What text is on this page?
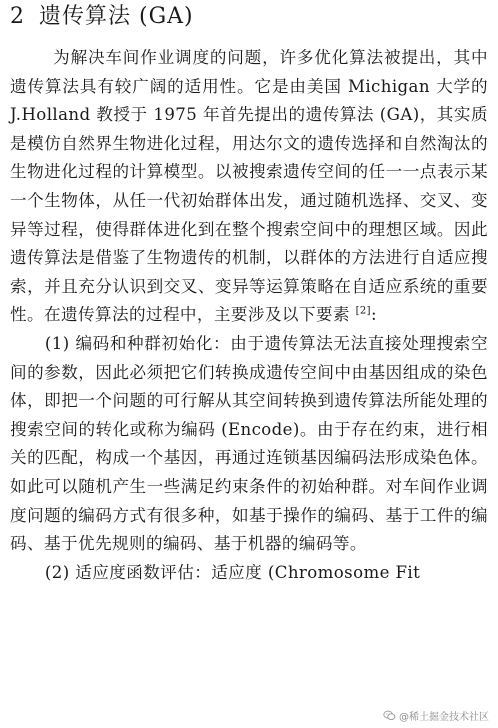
2 遗传算法 (GA)

为解决车间作业调度的问题，许多优化算法被提出，其中遗传算法具有较广阔的适用性。它是由美国 Michigan 大学的 J.Holland 教授于 1975 年首先提出的遗传算法 (GA)，其实质是模仿自然界生物进化过程，用达尔文的遗传选择和自然淘汰的生物进化过程的计算模型。以被搜索遗传空间的任一一点表示某一个生物体，从任一代初始群体出发，通过随机选择、交叉、变异等过程，使得群体进化到在整个搜索空间中的理想区域。因此遗传算法是借鉴了生物遗传的机制，以群体的方法进行自适应搜索，并且充分认识到交叉、变异等运算策略在自适应系统的重要性。在遗传算法的过程中，主要涉及以下要素 [2]:

(1) 编码和种群初始化：由于遗传算法无法直接处理搜索空间的参数，因此必须把它们转换成遗传空间中由基因组成的染色体，即把一个问题的可行解从其空间转换到遗传算法所能处理的搜索空间的转化或称为编码 (Encode)。由于存在约束，进行相关的匹配，构成一个基因，再通过连锁基因编码法形成染色体。如此可以随机产生一些满足约束条件的初始种群。对车间作业调度问题的编码方式有很多种，如基于操作的编码、基于工件的编码、基于优先规则的编码、基于机器的编码等。

(2) 适应度函数评估：适应度 (Chromosome Fit

@稀土掘金技术社区
